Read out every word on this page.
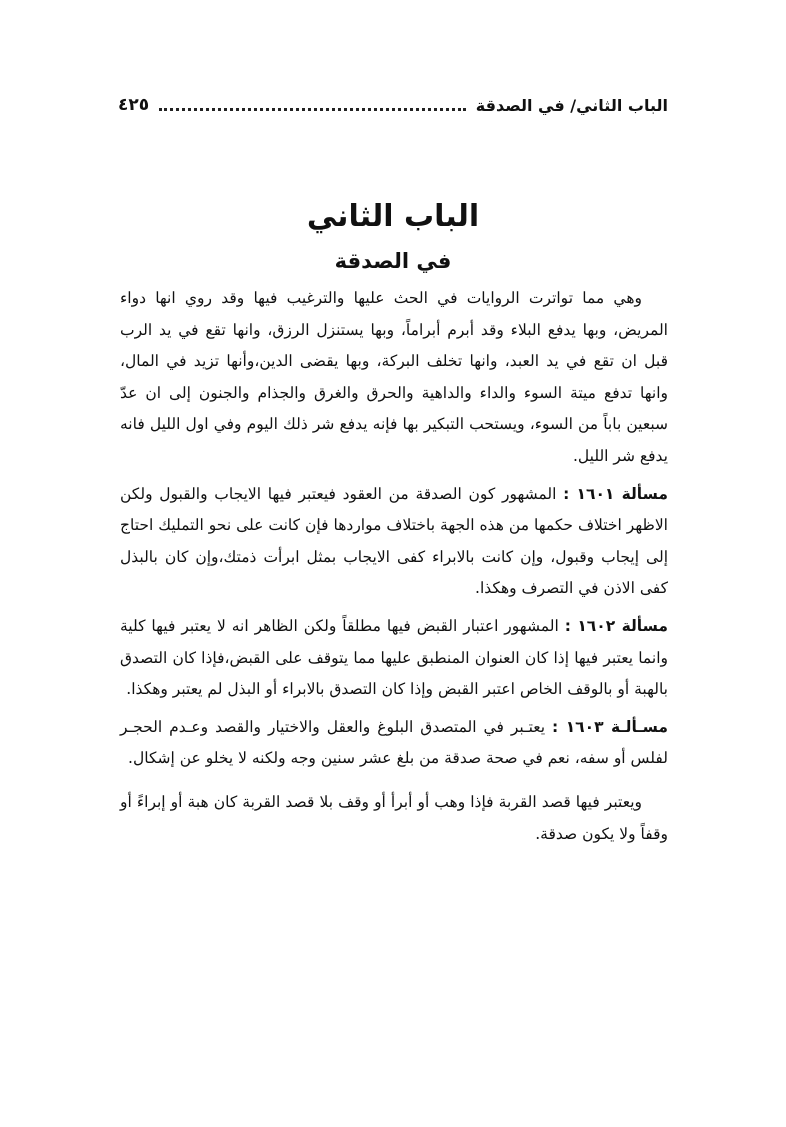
الباب الثاني/ في الصدقة
٤٢٥
الباب الثاني
في الصدقة

وهي مما تواترت الروايات في الحث عليها والترغيب فيها وقد روي انها دواء المريض، وبها يدفع البلاء وقد أبرم أبراماً، وبها يستنزل الرزق، وانها تقع في يد الرب قبل ان تقع في يد العبد، وانها تخلف البركة، وبها يقضى الدين،وأنها تزيد في المال، وانها تدفع ميتة السوء والداء والداهية والحرق والغرق والجذام والجنون إلى ان عدّ سبعين باباً من السوء، ويستحب التبكير بها فإنه يدفع شر ذلك اليوم وفي اول الليل فانه يدفع شر الليل.

مسألة ١٦٠١ : المشهور كون الصدقة من العقود فيعتبر فيها الايجاب والقبول ولكن الاظهر اختلاف حكمها من هذه الجهة باختلاف مواردها فإن كانت على نحو التمليك احتاج إلى إيجاب وقبول، وإن كانت بالابراء كفى الايجاب بمثل ابرأت ذمتك،وإن كان بالبذل كفى الاذن في التصرف وهكذا.

مسألة ١٦٠٢ : المشهور اعتبار القبض فيها مطلقاً ولكن الظاهر انه لا يعتبر فيها كلية وانما يعتبر فيها إذا كان العنوان المنطبق عليها مما يتوقف على القبض،فإذا كان التصدق بالهبة أو بالوقف الخاص اعتبر القبض وإذا كان التصدق بالابراء أو البذل لم يعتبر وهكذا.

مسـألـة ١٦٠٣ : يعتـبر في المتصدق البلوغ والعقل والاختيار والقصد وعـدم الحجـر لفلس أو سفه، نعم في صحة صدقة من بلغ عشر سنين وجه ولكنه لا يخلو عن إشكال.

ويعتبر فيها قصد القربة فإذا وهب أو أبرأ أو وقف بلا قصد القربة كان هبة أو إبراءً أو وقفاً ولا يكون صدقة.
